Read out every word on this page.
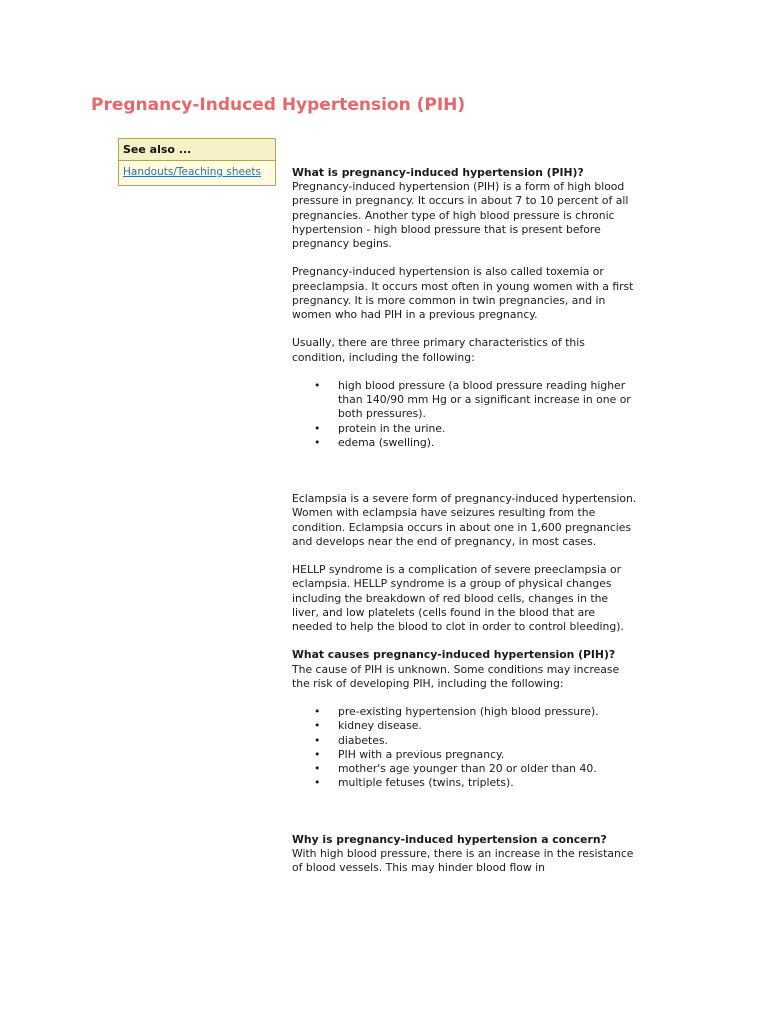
Pregnancy-Induced Hypertension (PIH)
See also ...
Handouts/Teaching sheets	What is pregnancy-induced hypertension (PIH)?

Pregnancy-induced hypertension (PIH) is a form of high blood pressure in pregnancy. It occurs in about 7 to 10 percent of all pregnancies. Another type of high blood pressure is chronic hypertension - high blood pressure that is present before pregnancy begins.

Pregnancy-induced hypertension is also called toxemia or preeclampsia. It occurs most often in young women with a first pregnancy. It is more common in twin pregnancies, and in women who had PIH in a previous pregnancy.

Usually, there are three primary characteristics of this condition, including the following:

• high blood pressure (a blood pressure reading higher than 140/90 mm Hg or a significant increase in one or both pressures).
• protein in the urine.
• edema (swelling).

Eclampsia is a severe form of pregnancy-induced hypertension. Women with eclampsia have seizures resulting from the condition. Eclampsia occurs in about one in 1,600 pregnancies and develops near the end of pregnancy, in most cases.

HELLP syndrome is a complication of severe preeclampsia or eclampsia. HELLP syndrome is a group of physical changes including the breakdown of red blood cells, changes in the liver, and low platelets (cells found in the blood that are needed to help the blood to clot in order to control bleeding).

What causes pregnancy-induced hypertension (PIH)?

The cause of PIH is unknown. Some conditions may increase the risk of developing PIH, including the following:

• pre-existing hypertension (high blood pressure).
• kidney disease.
• diabetes.
• PIH with a previous pregnancy.
• mother's age younger than 20 or older than 40.
• multiple fetuses (twins, triplets).
Why is pregnancy-induced hypertension a concern?

With high blood pressure, there is an increase in the resistance of blood vessels. This may hinder blood flow in
